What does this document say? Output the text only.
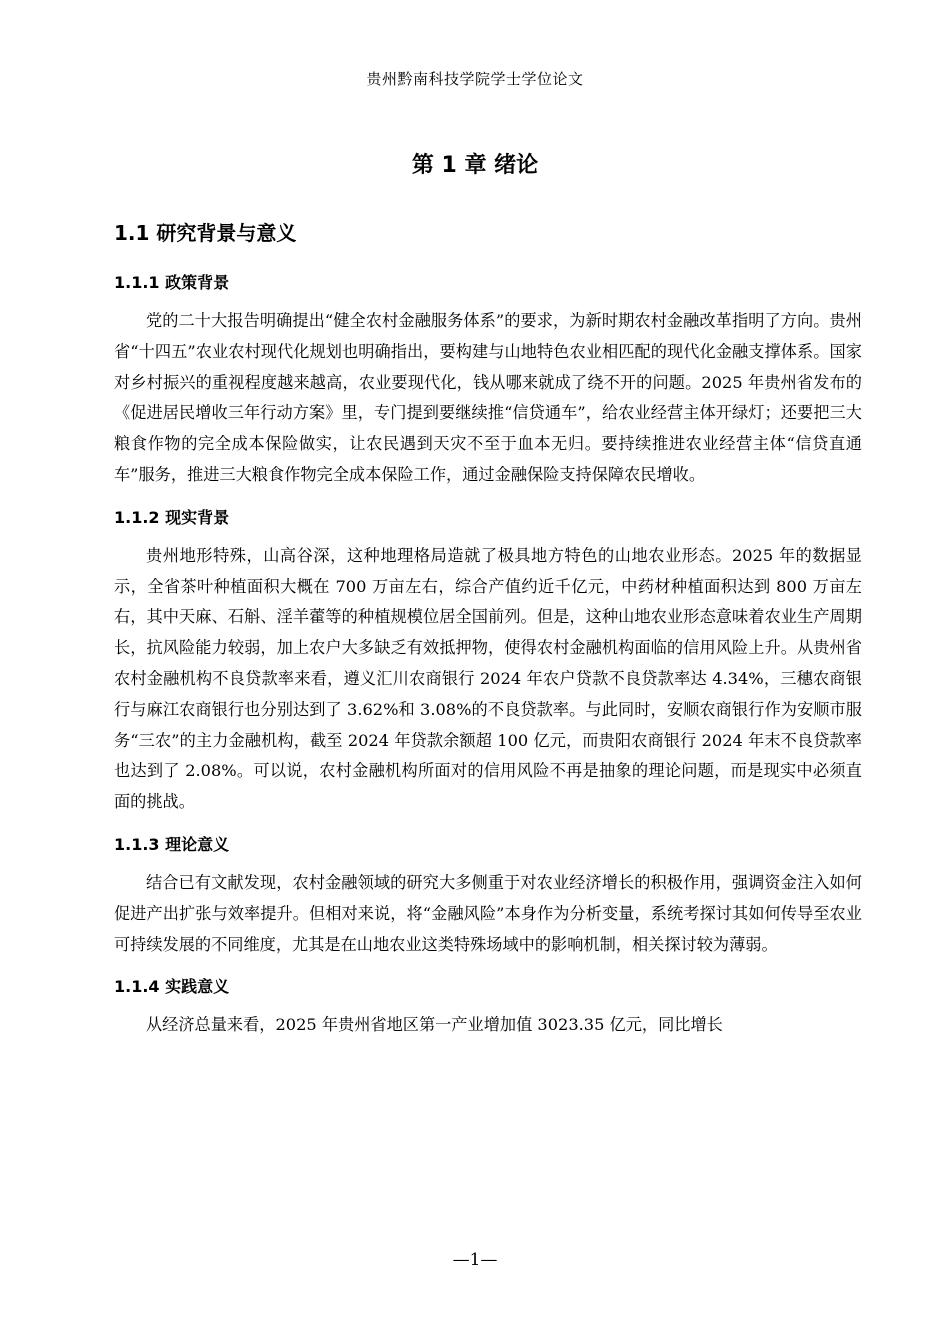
贵州黔南科技学院学士学位论文
第 1 章 绪论
1.1 研究背景与意义
1.1.1 政策背景

党的二十大报告明确提出“健全农村金融服务体系”的要求，为新时期农村金融改革指明了方向。贵州省“十四五”农业农村现代化规划也明确指出，要构建与山地特色农业相匹配的现代化金融支撑体系。国家对乡村振兴的重视程度越来越高，农业要现代化，钱从哪来就成了绕不开的问题。2025 年贵州省发布的《促进居民增收三年行动方案》里，专门提到要继续推“信贷通车”，给农业经营主体开绿灯；还要把三大粮食作物的完全成本保险做实，让农民遇到天灾不至于血本无归。要持续推进农业经营主体“信贷直通车”服务，推进三大粮食作物完全成本保险工作，通过金融保险支持保障农民增收。

1.1.2 现实背景

贵州地形特殊，山高谷深，这种地理格局造就了极具地方特色的山地农业形态。2025 年的数据显示，全省茶叶种植面积大概在 700 万亩左右，综合产值约近千亿元，中药材种植面积达到 800 万亩左右，其中天麻、石斛、淫羊藿等的种植规模位居全国前列。但是，这种山地农业形态意味着农业生产周期长，抗风险能力较弱，加上农户大多缺乏有效抵押物，使得农村金融机构面临的信用风险上升。从贵州省农村金融机构不良贷款率来看，遵义汇川农商银行 2024 年农户贷款不良贷款率达 4.34%，三穗农商银行与麻江农商银行也分别达到了 3.62%和 3.08%的不良贷款率。与此同时，安顺农商银行作为安顺市服务“三农”的主力金融机构，截至 2024 年贷款余额超 100 亿元，而贵阳农商银行 2024 年末不良贷款率也达到了 2.08%。可以说，农村金融机构所面对的信用风险不再是抽象的理论问题，而是现实中必须直面的挑战。

1.1.3 理论意义

结合已有文献发现，农村金融领域的研究大多侧重于对农业经济增长的积极作用，强调资金注入如何促进产出扩张与效率提升。但相对来说，将“金融风险”本身作为分析变量，系统考探讨其如何传导至农业可持续发展的不同维度，尤其是在山地农业这类特殊场域中的影响机制，相关探讨较为薄弱。

1.1.4 实践意义

从经济总量来看，2025 年贵州省地区第一产业增加值 3023.35 亿元，同比增长

—1—
